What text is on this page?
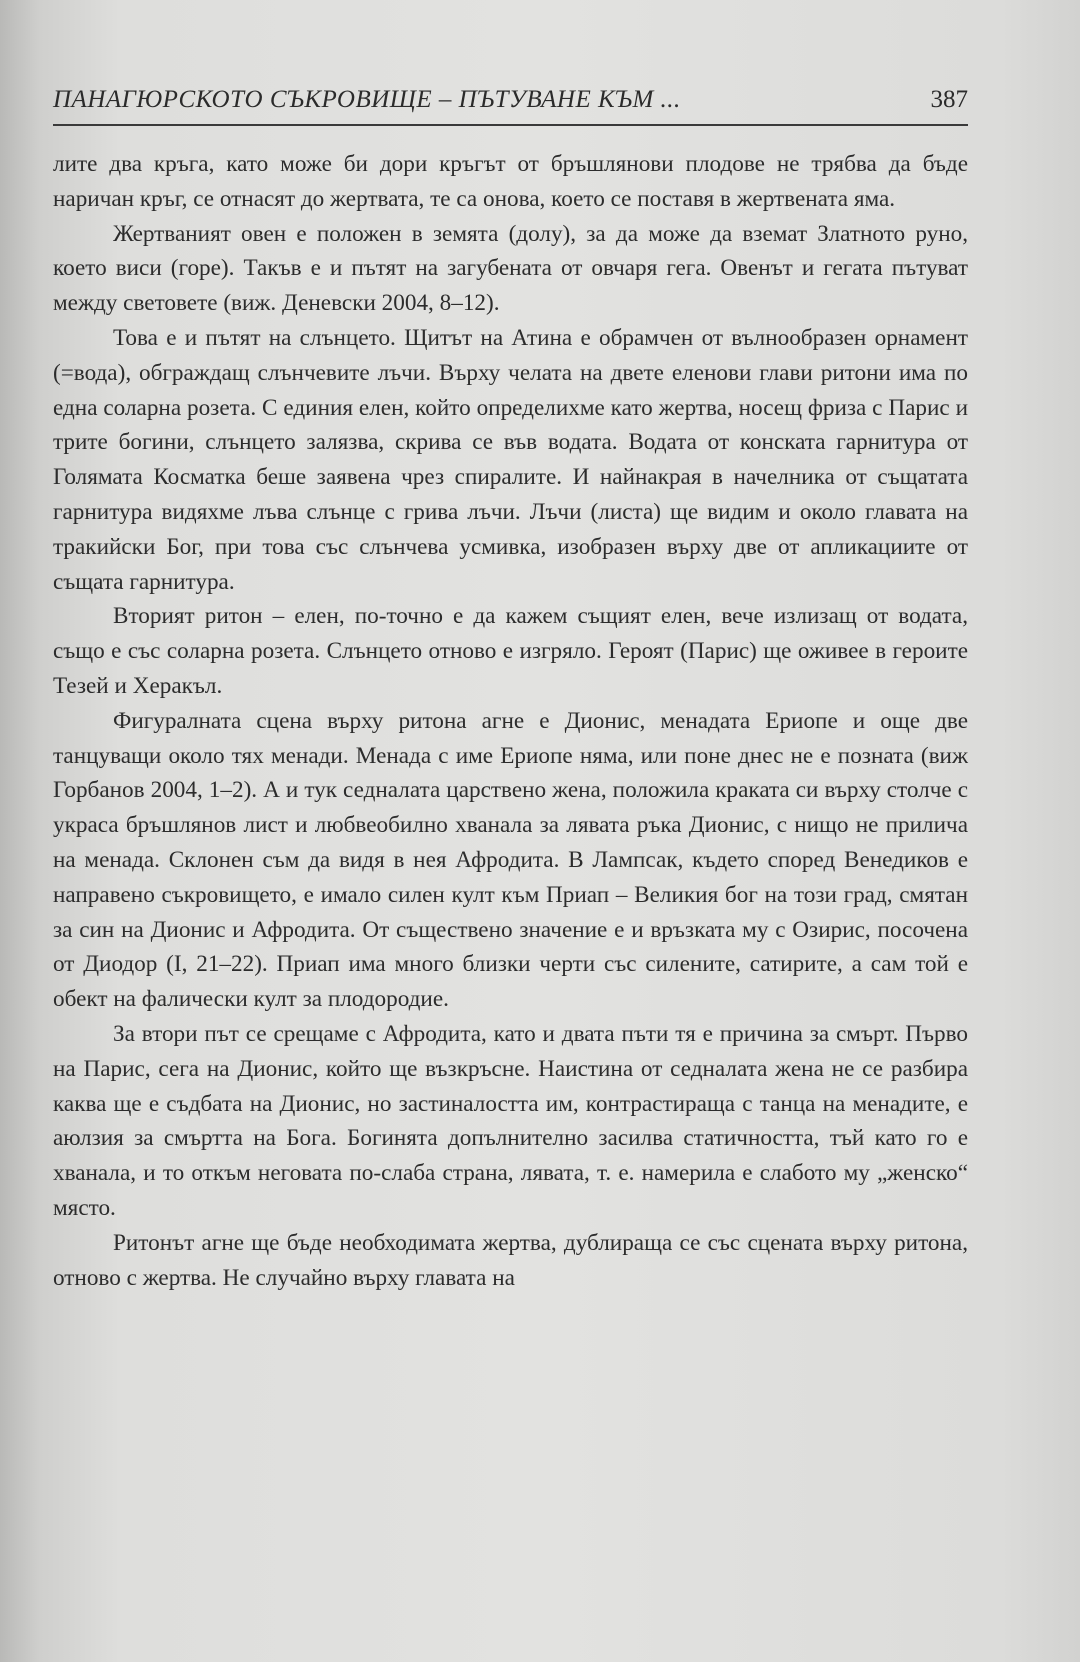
ПАНАГЮРСКОТО СЪКРОВИЩЕ – ПЪТУВАНЕ КЪМ ...	387

лите два кръга, като може би дори кръгът от бръшлянови плодове не трябва да бъде наричан кръг, се отнасят до жертвата, те са онова, което се поставя в жертвената яма.

Жертваният овен е положен в земята (долу), за да може да вземат Златното руно, което виси (горе). Такъв е и пътят на загубената от овчаря гега. Овенът и гегата пътуват между световете (виж. Деневски 2004, 8–12).

Това е и пътят на слънцето. Щитът на Атина е обрамчен от вълнообразен орнамент (=вода), обграждащ слънчевите лъчи. Върху челата на двете еленови глави ритони има по една соларна розета. С единия елен, който определихме като жертва, носещ фриза с Парис и трите богини, слънцето залязва, скрива се във водата. Водата от конската гарнитура от Голямата Косматка беше заявена чрез спиралите. И найнакрая в начелника от същатата гарнитура видяхме лъва слънце с грива лъчи. Лъчи (листа) ще видим и около главата на тракийски Бог, при това със слънчева усмивка, изобразен върху две от апликациите от същата гарнитура.

Вторият ритон – елен, по-точно е да кажем същият елен, вече излизащ от водата, също е със соларна розета. Слънцето отново е изгряло. Героят (Парис) ще оживее в героите Тезей и Херакъл.

Фигуралната сцена върху ритона агне е Дионис, менадата Ериопе и още две танцуващи около тях менади. Менада с име Ериопе няма, или поне днес не е позната (виж Горбанов 2004, 1–2). А и тук седналата царствено жена, положила краката си върху столче с украса бръшлянов лист и любвеобилно хванала за лявата ръка Дионис, с нищо не прилича на менада. Склонен съм да видя в нея Афродита. В Лампсак, където според Венедиков е направено съкровището, е имало силен култ към Приап – Великия бог на този град, смятан за син на Дионис и Афродита. От съществено значение е и връзката му с Озирис, посочена от Диодор (I, 21–22). Приап има много близки черти със силените, сатирите, а сам той е обект на фалически култ за плодородие.

За втори път се срещаме с Афродита, като и двата пъти тя е причина за смърт. Първо на Парис, сега на Дионис, който ще възкръсне. Наистина от седналата жена не се разбира каква ще е съдбата на Дионис, но застиналостта им, контрастираща с танца на менадите, е аюлзия за смъртта на Бога. Богинята допълнително засилва статичността, тъй като го е хванала, и то откъм неговата по-слаба страна, лявата, т. е. намерила е слабото му „женско“ място.

Ритонът агне ще бъде необходимата жертва, дублираща се със сцената върху ритона, отново с жертва. Не случайно върху главата на
